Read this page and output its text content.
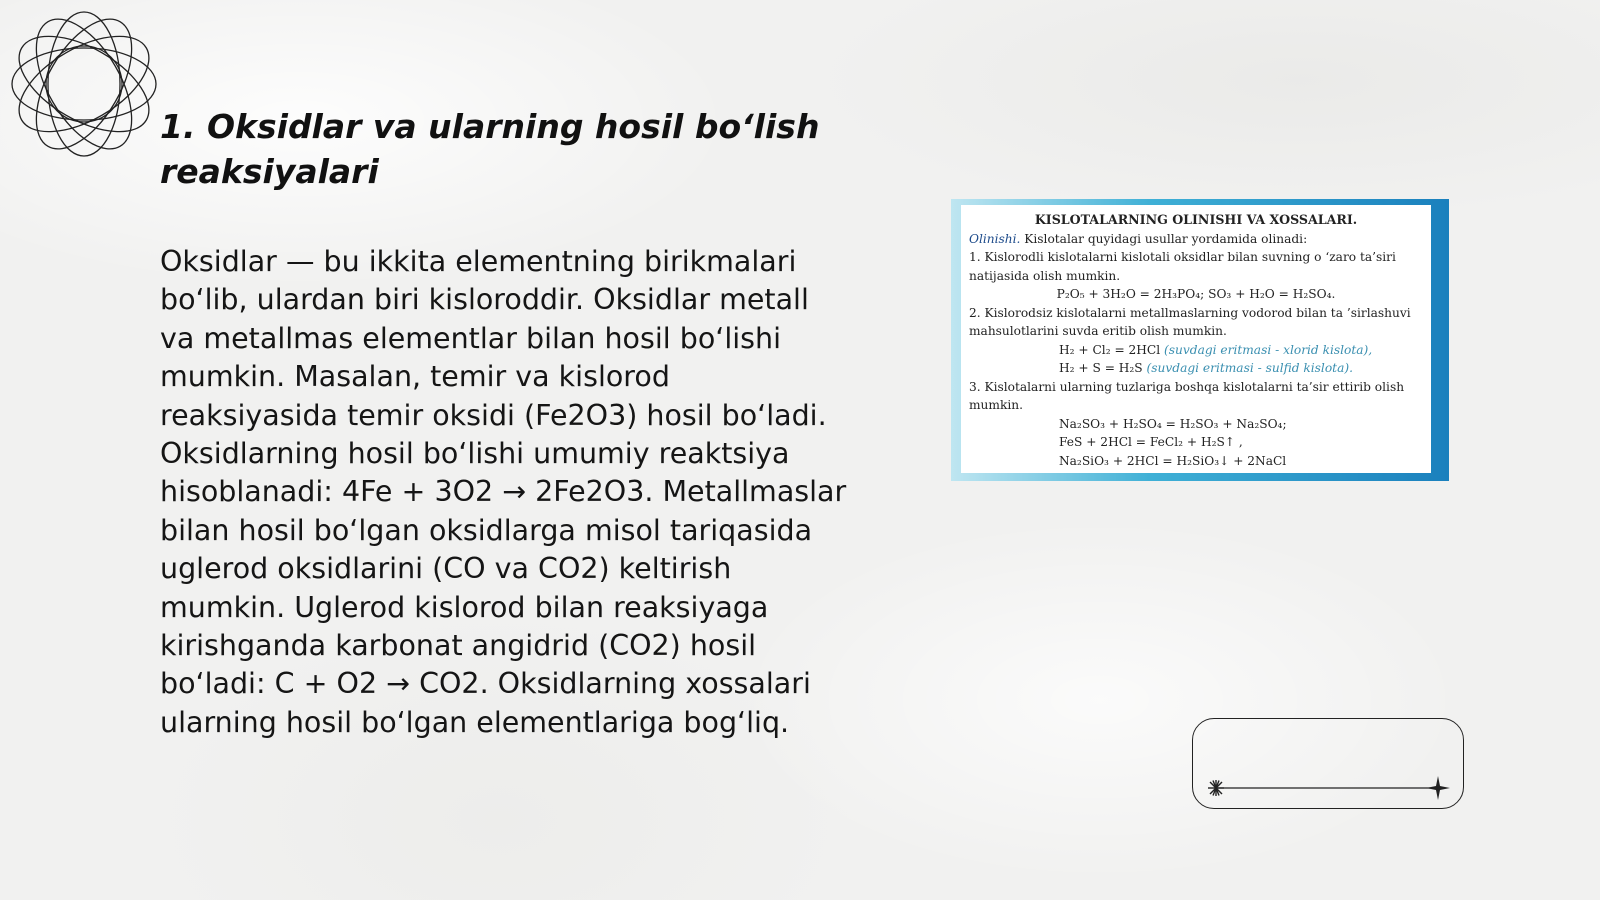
1. Oksidlar va ularning hosil bo‘lish reaksiyalari

Oksidlar — bu ikkita elementning birikmalari bo‘lib, ulardan biri kisloroddir. Oksidlar metall va metallmas elementlar bilan hosil bo‘lishi mumkin. Masalan, temir va kislorod reaksiyasida temir oksidi (Fe2O3) hosil bo‘ladi. Oksidlarning hosil bo‘lishi umumiy reaktsiya hisoblanadi: 4Fe + 3O2 → 2Fe2O3. Metallmaslar bilan hosil bo‘lgan oksidlarga misol tariqasida uglerod oksidlarini (CO va CO2) keltirish mumkin. Uglerod kislorod bilan reaksiyaga kirishganda karbonat angidrid (CO2) hosil bo‘ladi: C + O2 → CO2. Oksidlarning xossalari ularning hosil bo‘lgan elementlariga bog‘liq.

KISLOTALARNING OLINISHI VA XOSSALARI.

Olinishi. Kislotalar quyidagi usullar yordamida olinadi:

1. Kislorodli kislotalarni kislotali oksidlar bilan suvning o ‘zaro ta’siri natijasida olish mumkin.

P₂O₅ + 3H₂O = 2H₃PO₄; SO₃ + H₂O = H₂SO₄.

2. Kislorodsiz kislotalarni metallmaslarning vodorod bilan ta ’sirlashuvi mahsulotlarini suvda eritib olish mumkin.

H₂ + Cl₂ = 2HCl (suvdagi eritmasi - xlorid kislota),

H₂ + S = H₂S (suvdagi eritmasi - sulfid kislota).

3. Kislotalarni ularning tuzlariga boshqa kislotalarni ta’sir ettirib olish mumkin.

Na₂SO₃ + H₂SO₄ = H₂SO₃ + Na₂SO₄;

FeS + 2HCl = FeCl₂ + H₂S↑ ,

Na₂SiO₃ + 2HCl = H₂SiO₃↓ + 2NaCl
